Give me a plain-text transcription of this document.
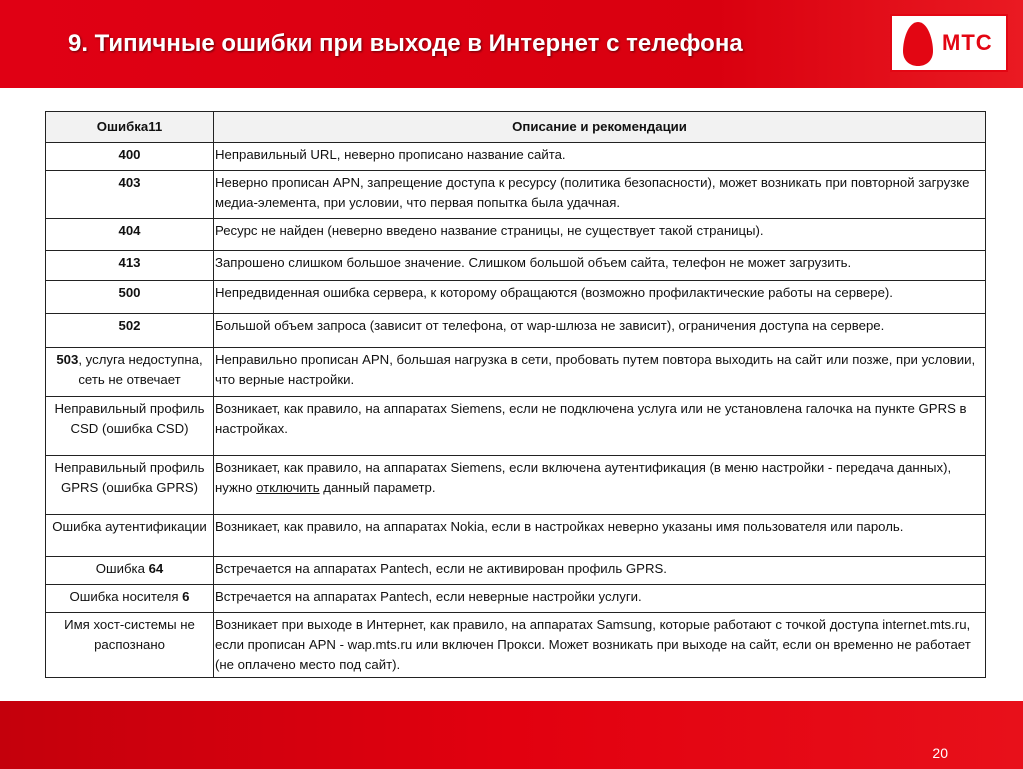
9. Типичные ошибки при выходе в Интернет с телефона	МТС
Ошибка11	Описание и рекомендации
400	Неправильный URL, неверно прописано название сайта.
403	Неверно прописан APN, запрещение доступа к ресурсу (политика безопасности), может возникать при повторной загрузке медиа-элемента, при условии, что первая попытка была удачная.
404	Ресурс не найден (неверно введено название страницы, не существует такой страницы).
413	Запрошено слишком большое значение. Слишком большой объем сайта, телефон не может загрузить.
500	Непредвиденная ошибка сервера, к которому обращаются (возможно профилактические работы на сервере).
502	Большой объем запроса (зависит от телефона, от wap-шлюза не зависит), ограничения доступа на сервере.
503, услуга недоступна, сеть не отвечает	Неправильно прописан APN, большая нагрузка в сети, пробовать путем повтора выходить на сайт или позже, при условии, что верные настройки.
Неправильный профиль CSD (ошибка CSD)	Возникает, как правило, на аппаратах Siemens, если не подключена услуга или не установлена галочка на пункте GPRS в настройках.
Неправильный профиль GPRS (ошибка GPRS)	Возникает, как правило, на аппаратах Siemens, если включена аутентификация (в меню настройки - передача данных), нужно отключить данный параметр.
Ошибка аутентификации	Возникает, как правило, на аппаратах Nokia, если в настройках неверно указаны имя пользователя или пароль.
Ошибка 64	Встречается на аппаратах Pantech, если не активирован профиль GPRS.
Ошибка носителя 6	Встречается на аппаратах Pantech, если неверные настройки услуги.
Имя хост-системы не распознано	Возникает при выходе в Интернет, как правило, на аппаратах Samsung, которые работают с точкой доступа internet.mts.ru, если прописан APN - wap.mts.ru или включен Прокси. Может возникать при выходе на сайт, если он временно не работает (не оплачено место под сайт).
20
